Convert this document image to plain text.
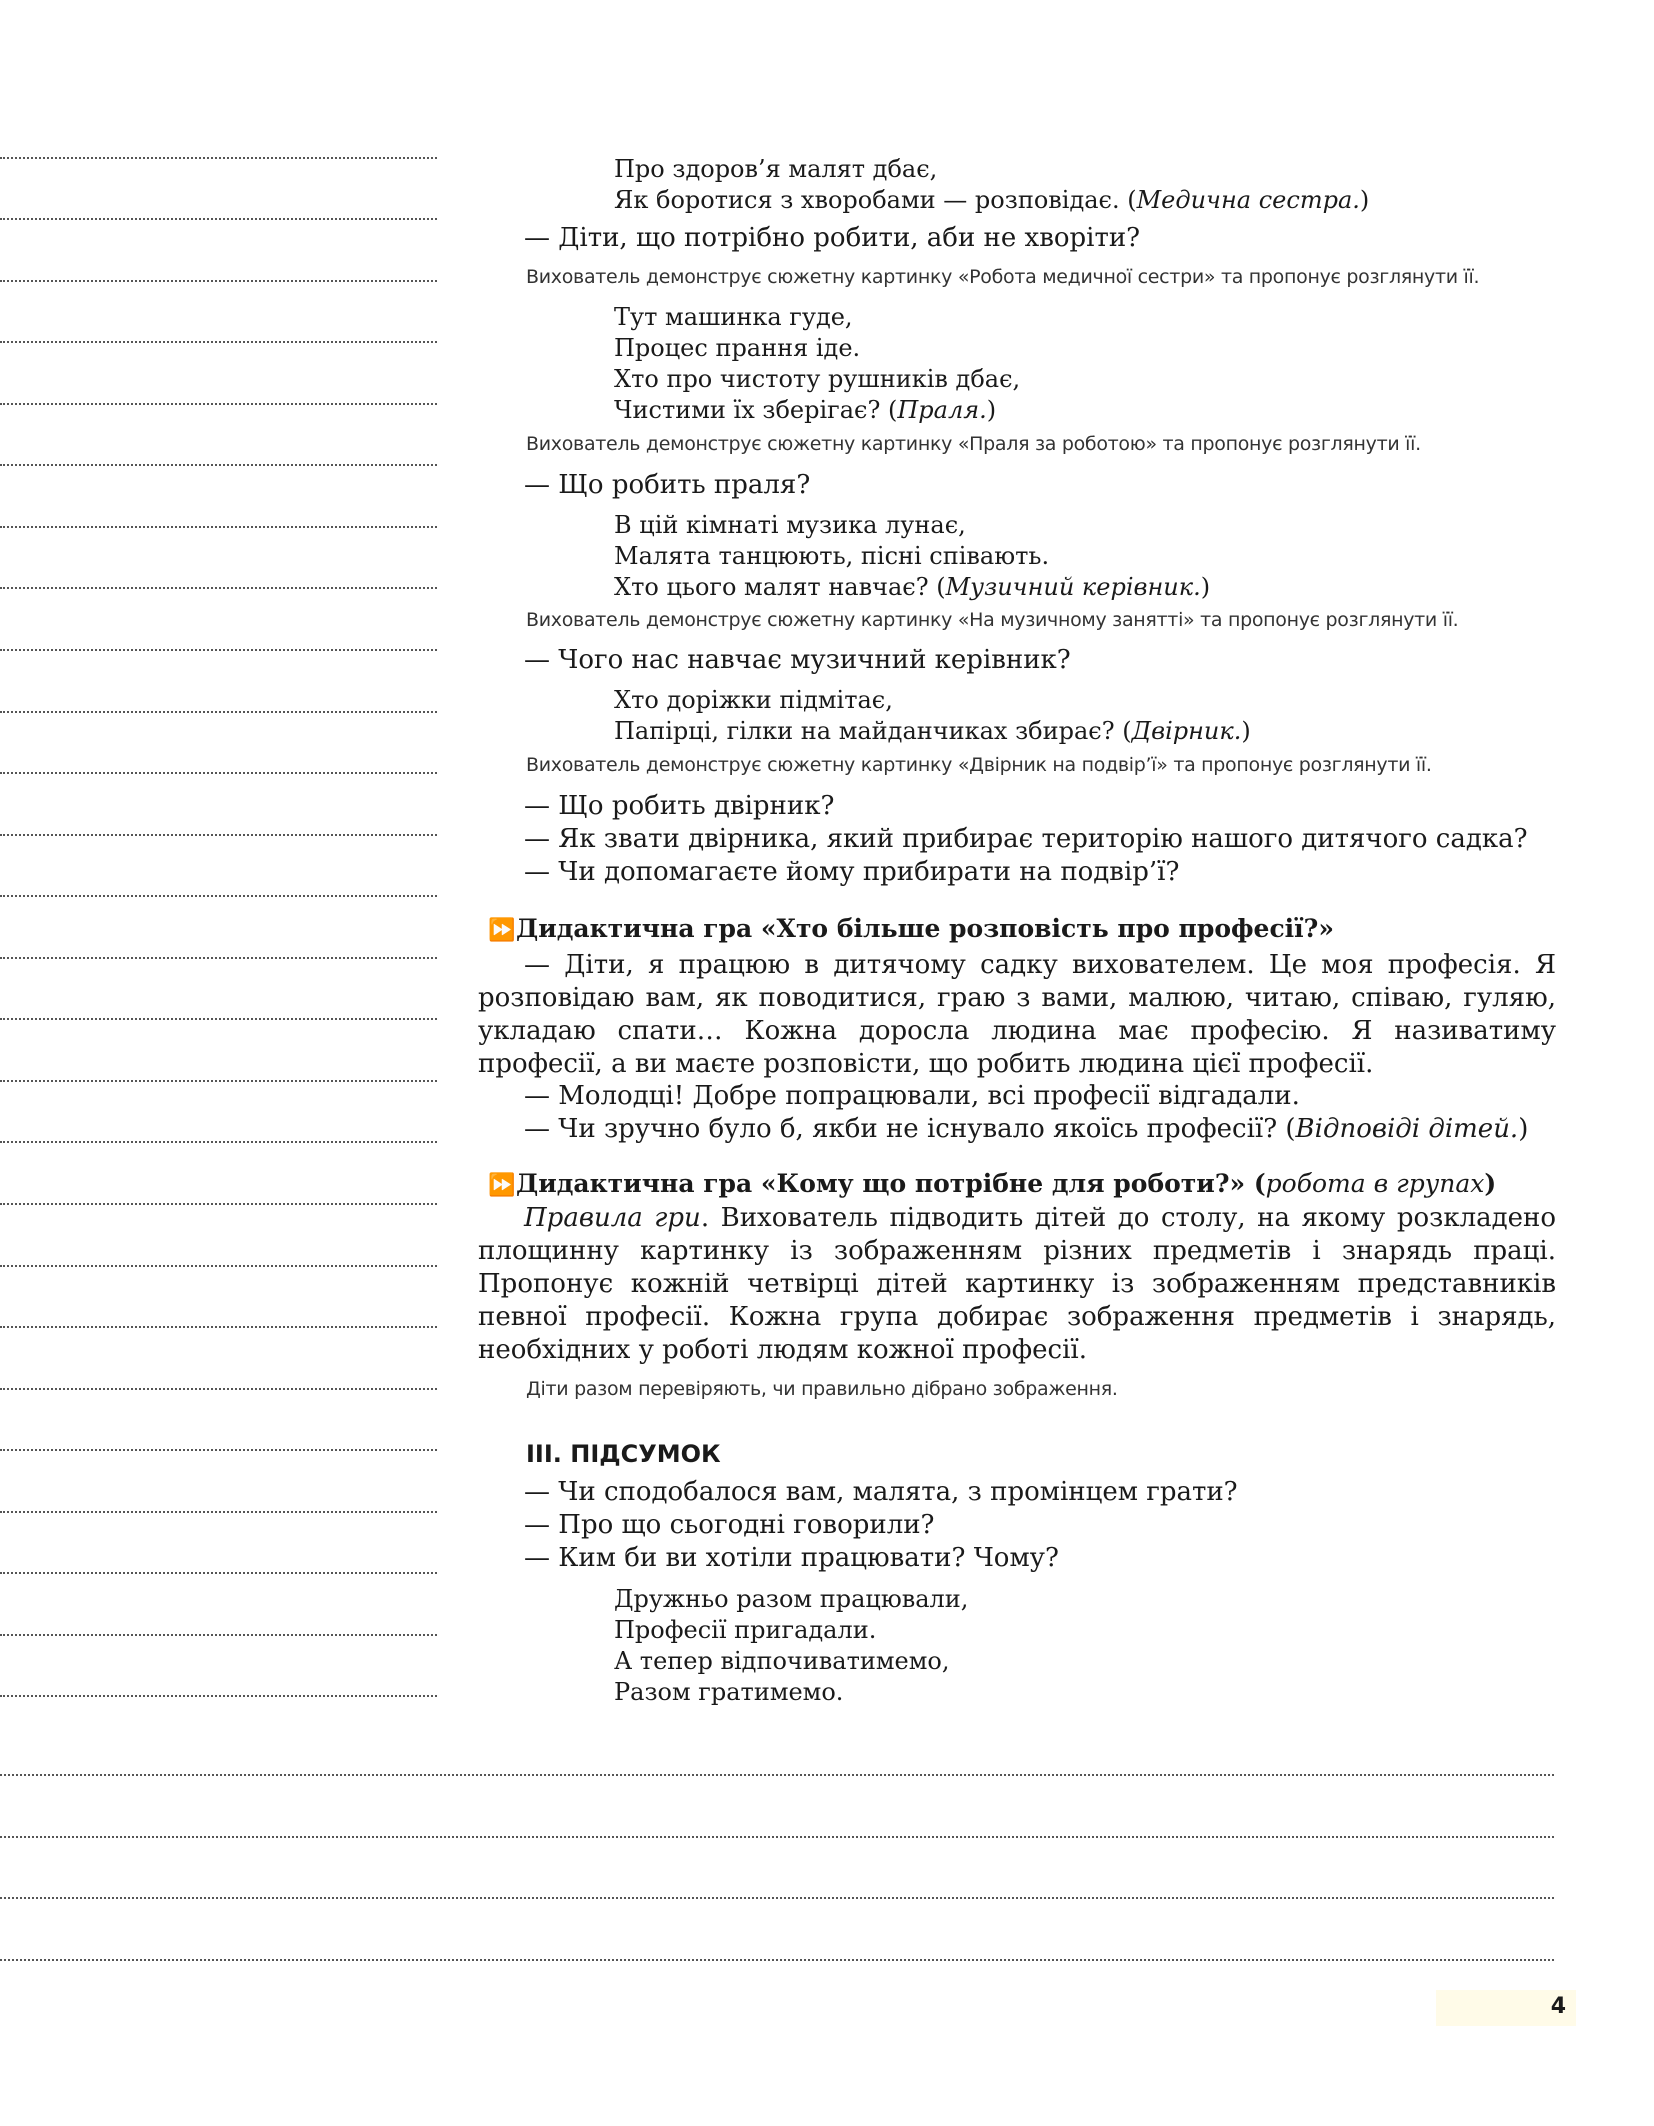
Про здоров’я малят дбає,
Як боротися з хворобами — розповідає. (Медична сестра.)
— Діти, що потрібно робити, аби не хворіти?
Вихователь демонструє сюжетну картинку «Робота медичної сестри» та пропонує розглянути її.
Тут машинка гуде,
Процес прання іде.
Хто про чистоту рушників дбає,
Чистими їх зберігає? (Праля.)
Вихователь демонструє сюжетну картинку «Праля за роботою» та пропонує розглянути її.
— Що робить праля?
В цій кімнаті музика лунає,
Малята танцюють, пісні співають.
Хто цього малят навчає? (Музичний керівник.)
Вихователь демонструє сюжетну картинку «На музичному занятті» та пропонує розглянути її.
— Чого нас навчає музичний керівник?
Хто доріжки підмітає,
Папірці, гілки на майданчиках збирає? (Двірник.)
Вихователь демонструє сюжетну картинку «Двірник на подвір’ї» та пропонує розглянути її.
— Що робить двірник?
— Як звати двірника, який прибирає територію нашого дитячого садка?
— Чи допомагаєте йому прибирати на подвір’ї?
⏩Дидактична гра «Хто більше розповість про професії?»
— Діти, я працюю в дитячому садку вихователем. Це моя професія. Я розповідаю вам, як поводитися, граю з вами, малюю, читаю, співаю, гуляю, укладаю спати… Кожна доросла людина має професію. Я називатиму професії, а ви маєте розповісти, що робить людина цієї професії.
— Молодці! Добре попрацювали, всі професії відгадали.
— Чи зручно було б, якби не існувало якоїсь професії? (Відповіді дітей.)
⏩Дидактична гра «Кому що потрібне для роботи?» (робота в групах)
Правила гри. Вихователь підводить дітей до столу, на якому розкладено площинну картинку із зображенням різних предметів і знарядь праці. Пропонує кожній четвірці дітей картинку із зображенням представників певної професії. Кожна група добирає зображення предметів і знарядь, необхідних у роботі людям кожної професії.
Діти разом перевіряють, чи правильно дібрано зображення.
ІІІ. ПІДСУМОК
— Чи сподобалося вам, малята, з промінцем грати?
— Про що сьогодні говорили?
— Ким би ви хотіли працювати? Чому?
Дружньо разом працювали,
Професії пригадали.
А тепер відпочиватимемо,
Разом гратимемо.
4
